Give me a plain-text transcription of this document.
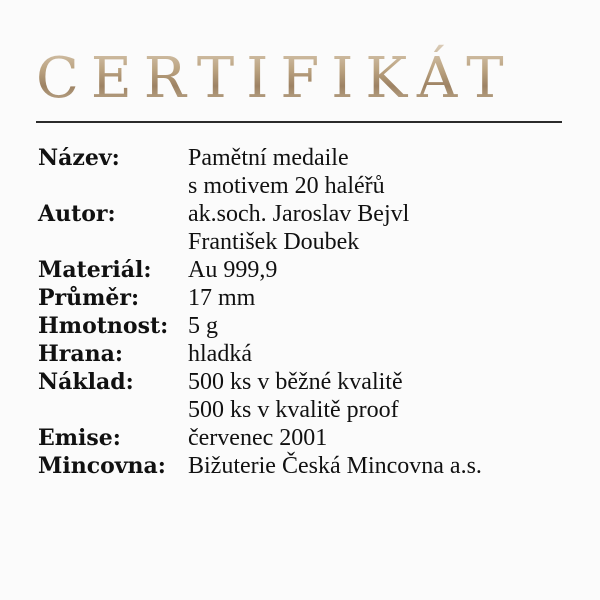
CERTIFIKÁT
Název:	Pamětní medaile
s motivem 20 haléřů
Autor:	ak.soch. Jaroslav Bejvl
František Doubek
Materiál:	Au 999,9
Průměr:	17 mm
Hmotnost: 5 g
Hrana:	hladká
Náklad:	500 ks v běžné kvalitě
500 ks v kvalitě proof
Emise:	červenec 2001
Mincovna: Bižuterie Česká Mincovna a.s.
